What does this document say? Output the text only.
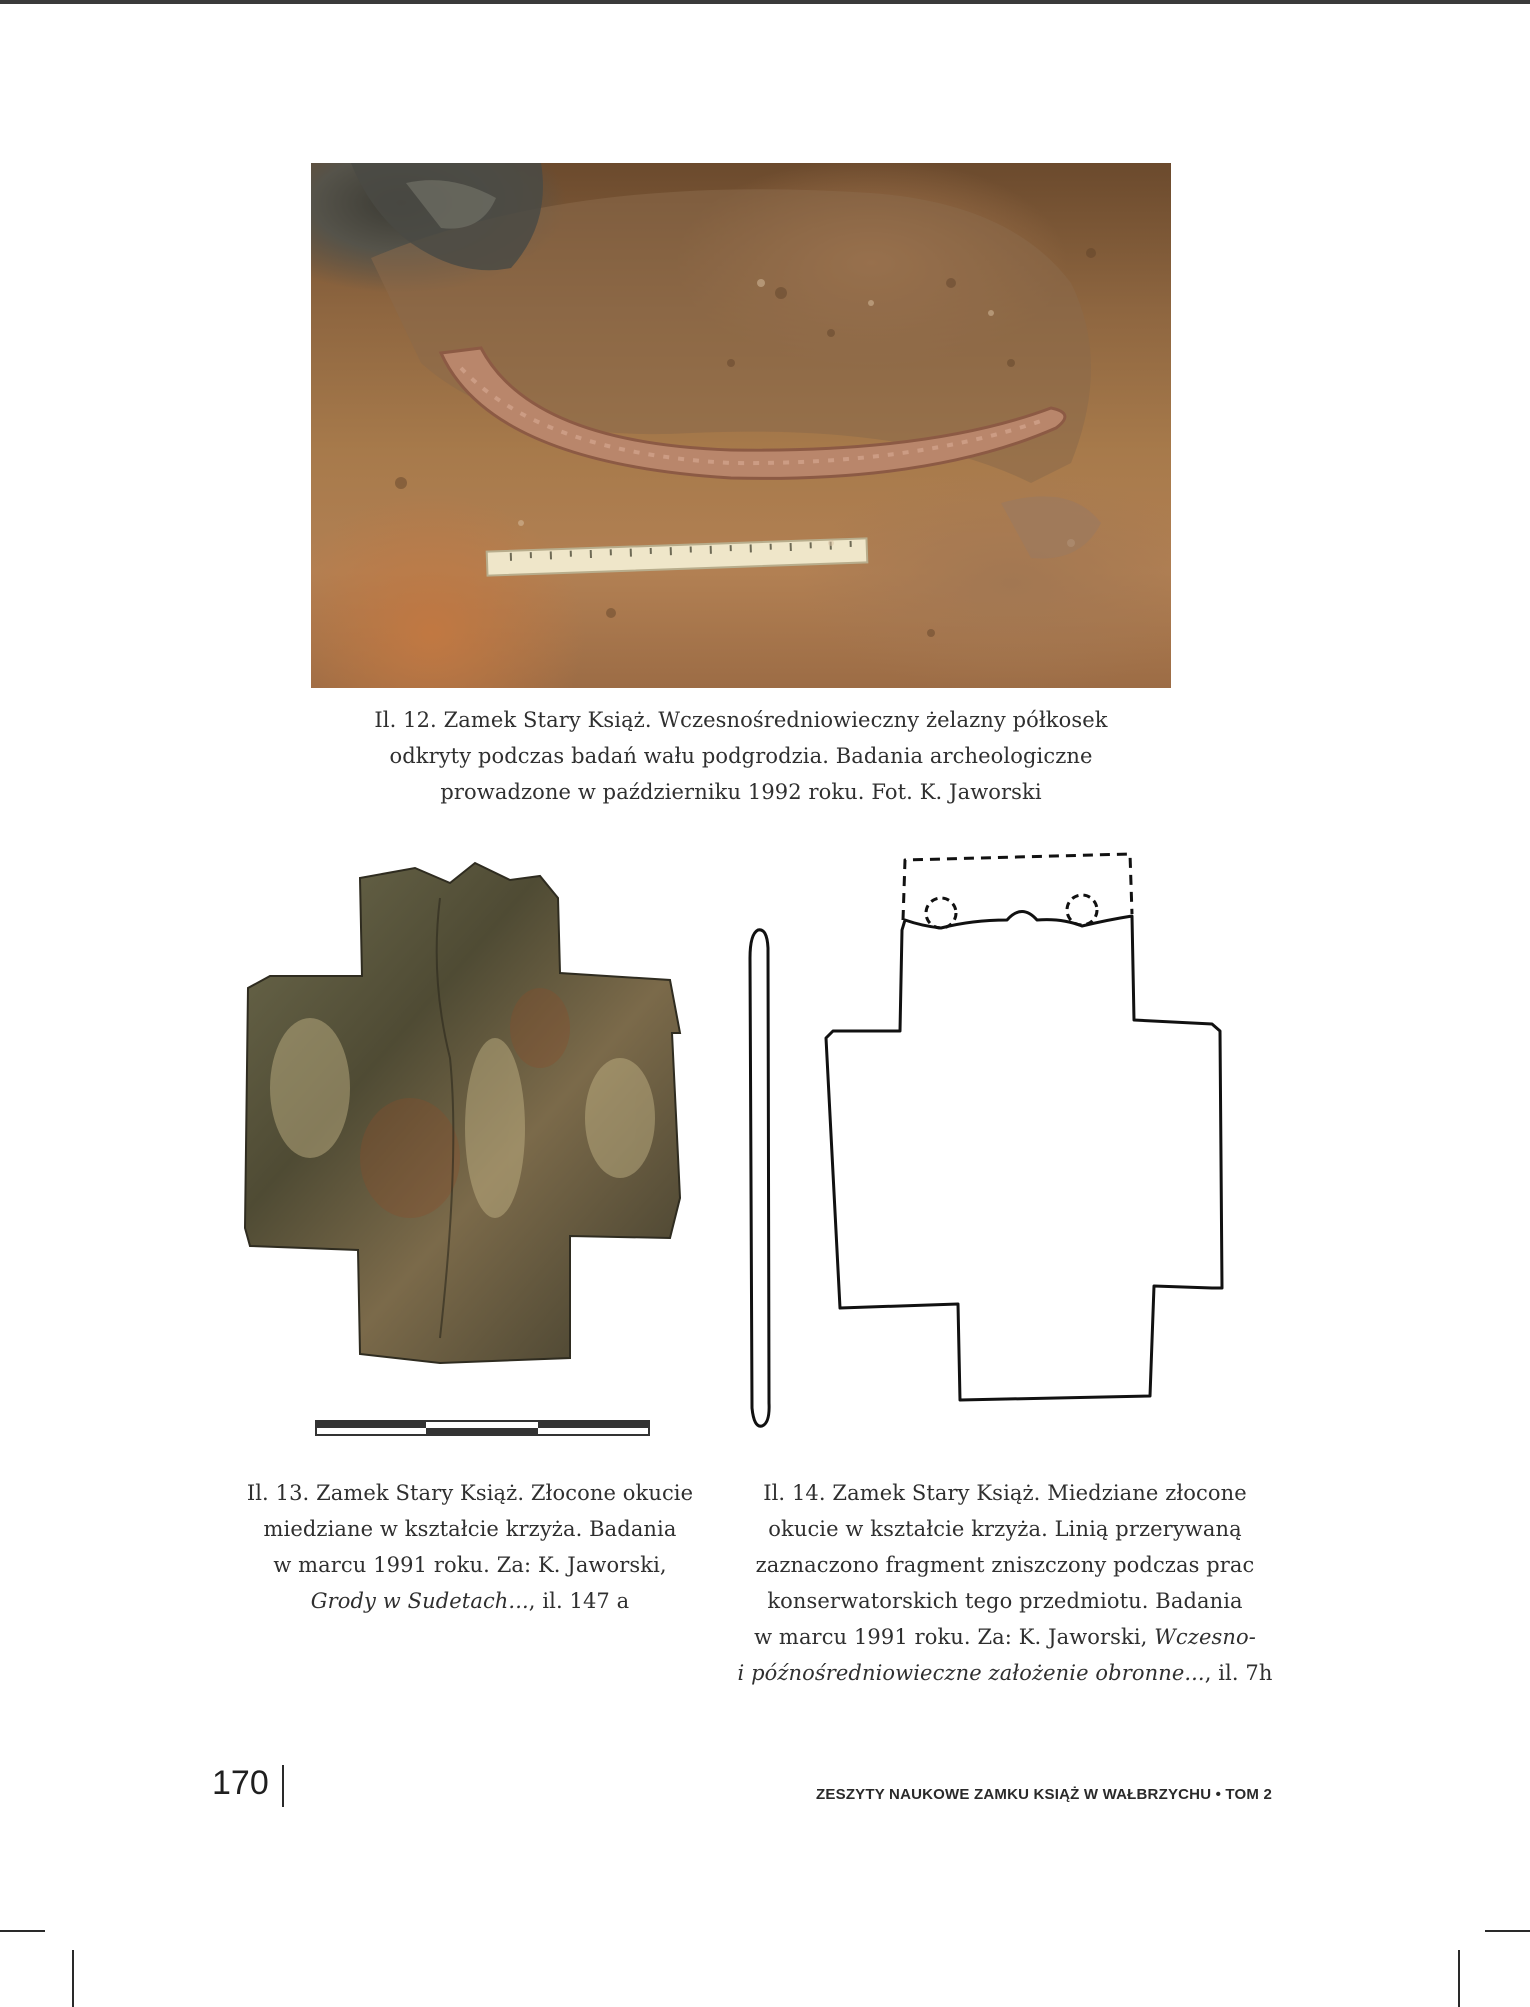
Il. 12. Zamek Stary Książ. Wczesnośredniowieczny żelazny półkosek
odkryty podczas badań wału podgrodzia. Badania archeologiczne
prowadzone w październiku 1992 roku. Fot. K. Jaworski
Il. 13. Zamek Stary Książ. Złocone okucie
miedziane w kształcie krzyża. Badania
w marcu 1991 roku. Za: K. Jaworski,
Grody w Sudetach..., il. 147 a
Il. 14. Zamek Stary Książ. Miedziane złocone
okucie w kształcie krzyża. Linią przerywaną
zaznaczono fragment zniszczony podczas prac
konserwatorskich tego przedmiotu. Badania
w marcu 1991 roku. Za: K. Jaworski, Wczesno-
i późnośredniowieczne założenie obronne..., il. 7h
170	ZESZYTY NAUKOWE ZAMKU KSIĄŻ W WAŁBRZYCHU • TOM 2
